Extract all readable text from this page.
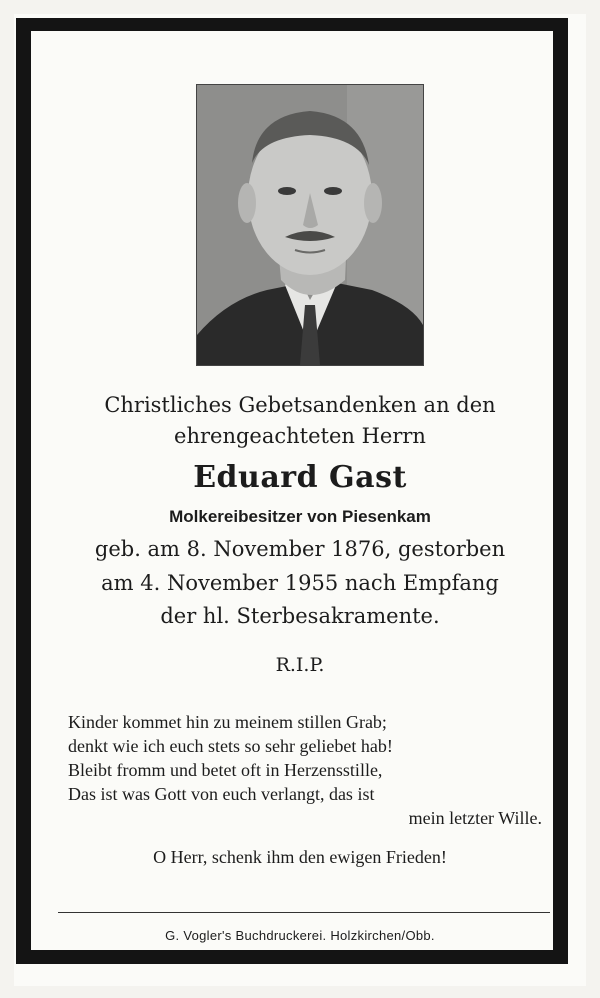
Christliches Gebetsandenken an den
ehrengeachteten Herrn
Eduard Gast
Molkereibesitzer von Piesenkam
geb. am 8. November 1876, gestorben
am 4. November 1955 nach Empfang
der hl. Sterbesakramente.
R.I.P.
Kinder kommet hin zu meinem stillen Grab;
denkt wie ich euch stets so sehr geliebet hab!
Bleibt fromm und betet oft in Herzensstille,
Das ist was Gott von euch verlangt, das ist
mein letzter Wille.
O Herr, schenk ihm den ewigen Frieden!
G. Vogler's Buchdruckerei. Holzkirchen/Obb.
